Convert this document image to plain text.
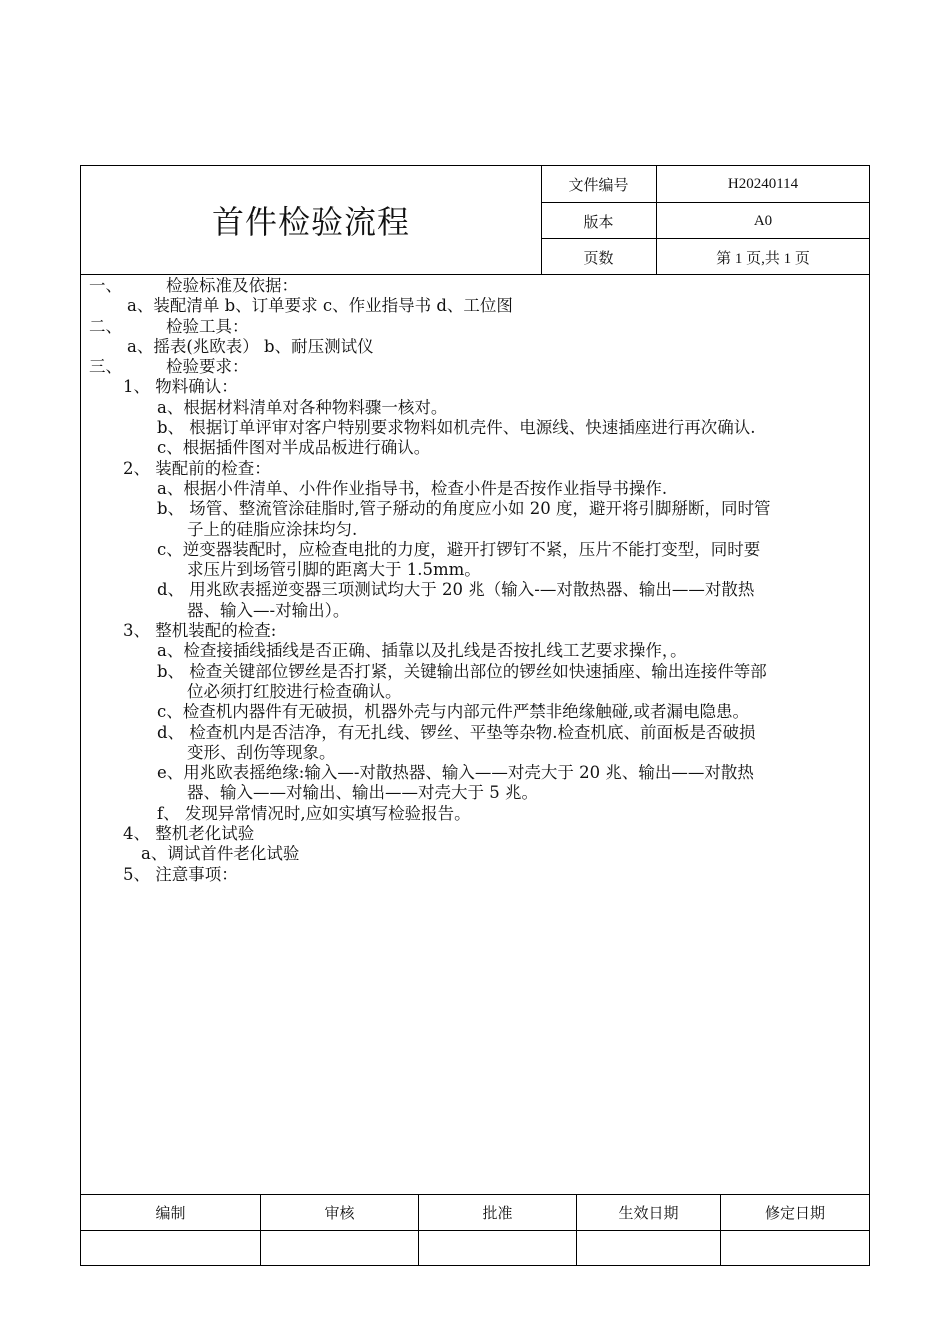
首件检验流程
文件编号	H20240114
版本	A0
页数	第 1 页,共 1 页
一、	检验标准及依据：
a、装配清单 b、订单要求 c、作业指导书 d、工位图
二、	检验工具：
a、摇表(兆欧表） b、耐压测试仪
三、	检验要求：
1、 物料确认：
a、根据材料清单对各种物料骤一核对。
b、 根据订单评审对客户特别要求物料如机壳件、电源线、快速插座进行再次确认.
c、根据插件图对半成品板进行确认。
2、 装配前的检查：
a、根据小件清单、小件作业指导书，检查小件是否按作业指导书操作.
b、 场管、整流管涂硅脂时,管子掰动的角度应小如 20 度，避开将引脚掰断，同时管
子上的硅脂应涂抹均匀.
c、逆变器装配时，应检查电批的力度，避开打锣钉不紧，压片不能打变型，同时要
求压片到场管引脚的距离大于 1.5mm。
d、 用兆欧表摇逆变器三项测试均大于 20 兆（输入-—对散热器、输出——对散热
器、输入—-对输出）。
3、 整机装配的检查:
a、检查接插线插线是否正确、插靠以及扎线是否按扎线工艺要求操作，。
b、 检查关键部位锣丝是否打紧，关键输出部位的锣丝如快速插座、输出连接件等部
位必须打红胶进行检查确认。
c、检查机内器件有无破损，机器外壳与内部元件严禁非绝缘触碰,或者漏电隐患。
d、 检查机内是否洁净，有无扎线、锣丝、平垫等杂物.检查机底、前面板是否破损
变形、刮伤等现象。
e、用兆欧表摇绝缘:输入—-对散热器、输入——对壳大于 20 兆、输出——对散热
器、输入——对输出、输出——对壳大于 5 兆。
f、 发现异常情况时,应如实填写检验报告。
4、 整机老化试验
a、调试首件老化试验
5、 注意事项：
编制	审核	批准	生效日期	修定日期
